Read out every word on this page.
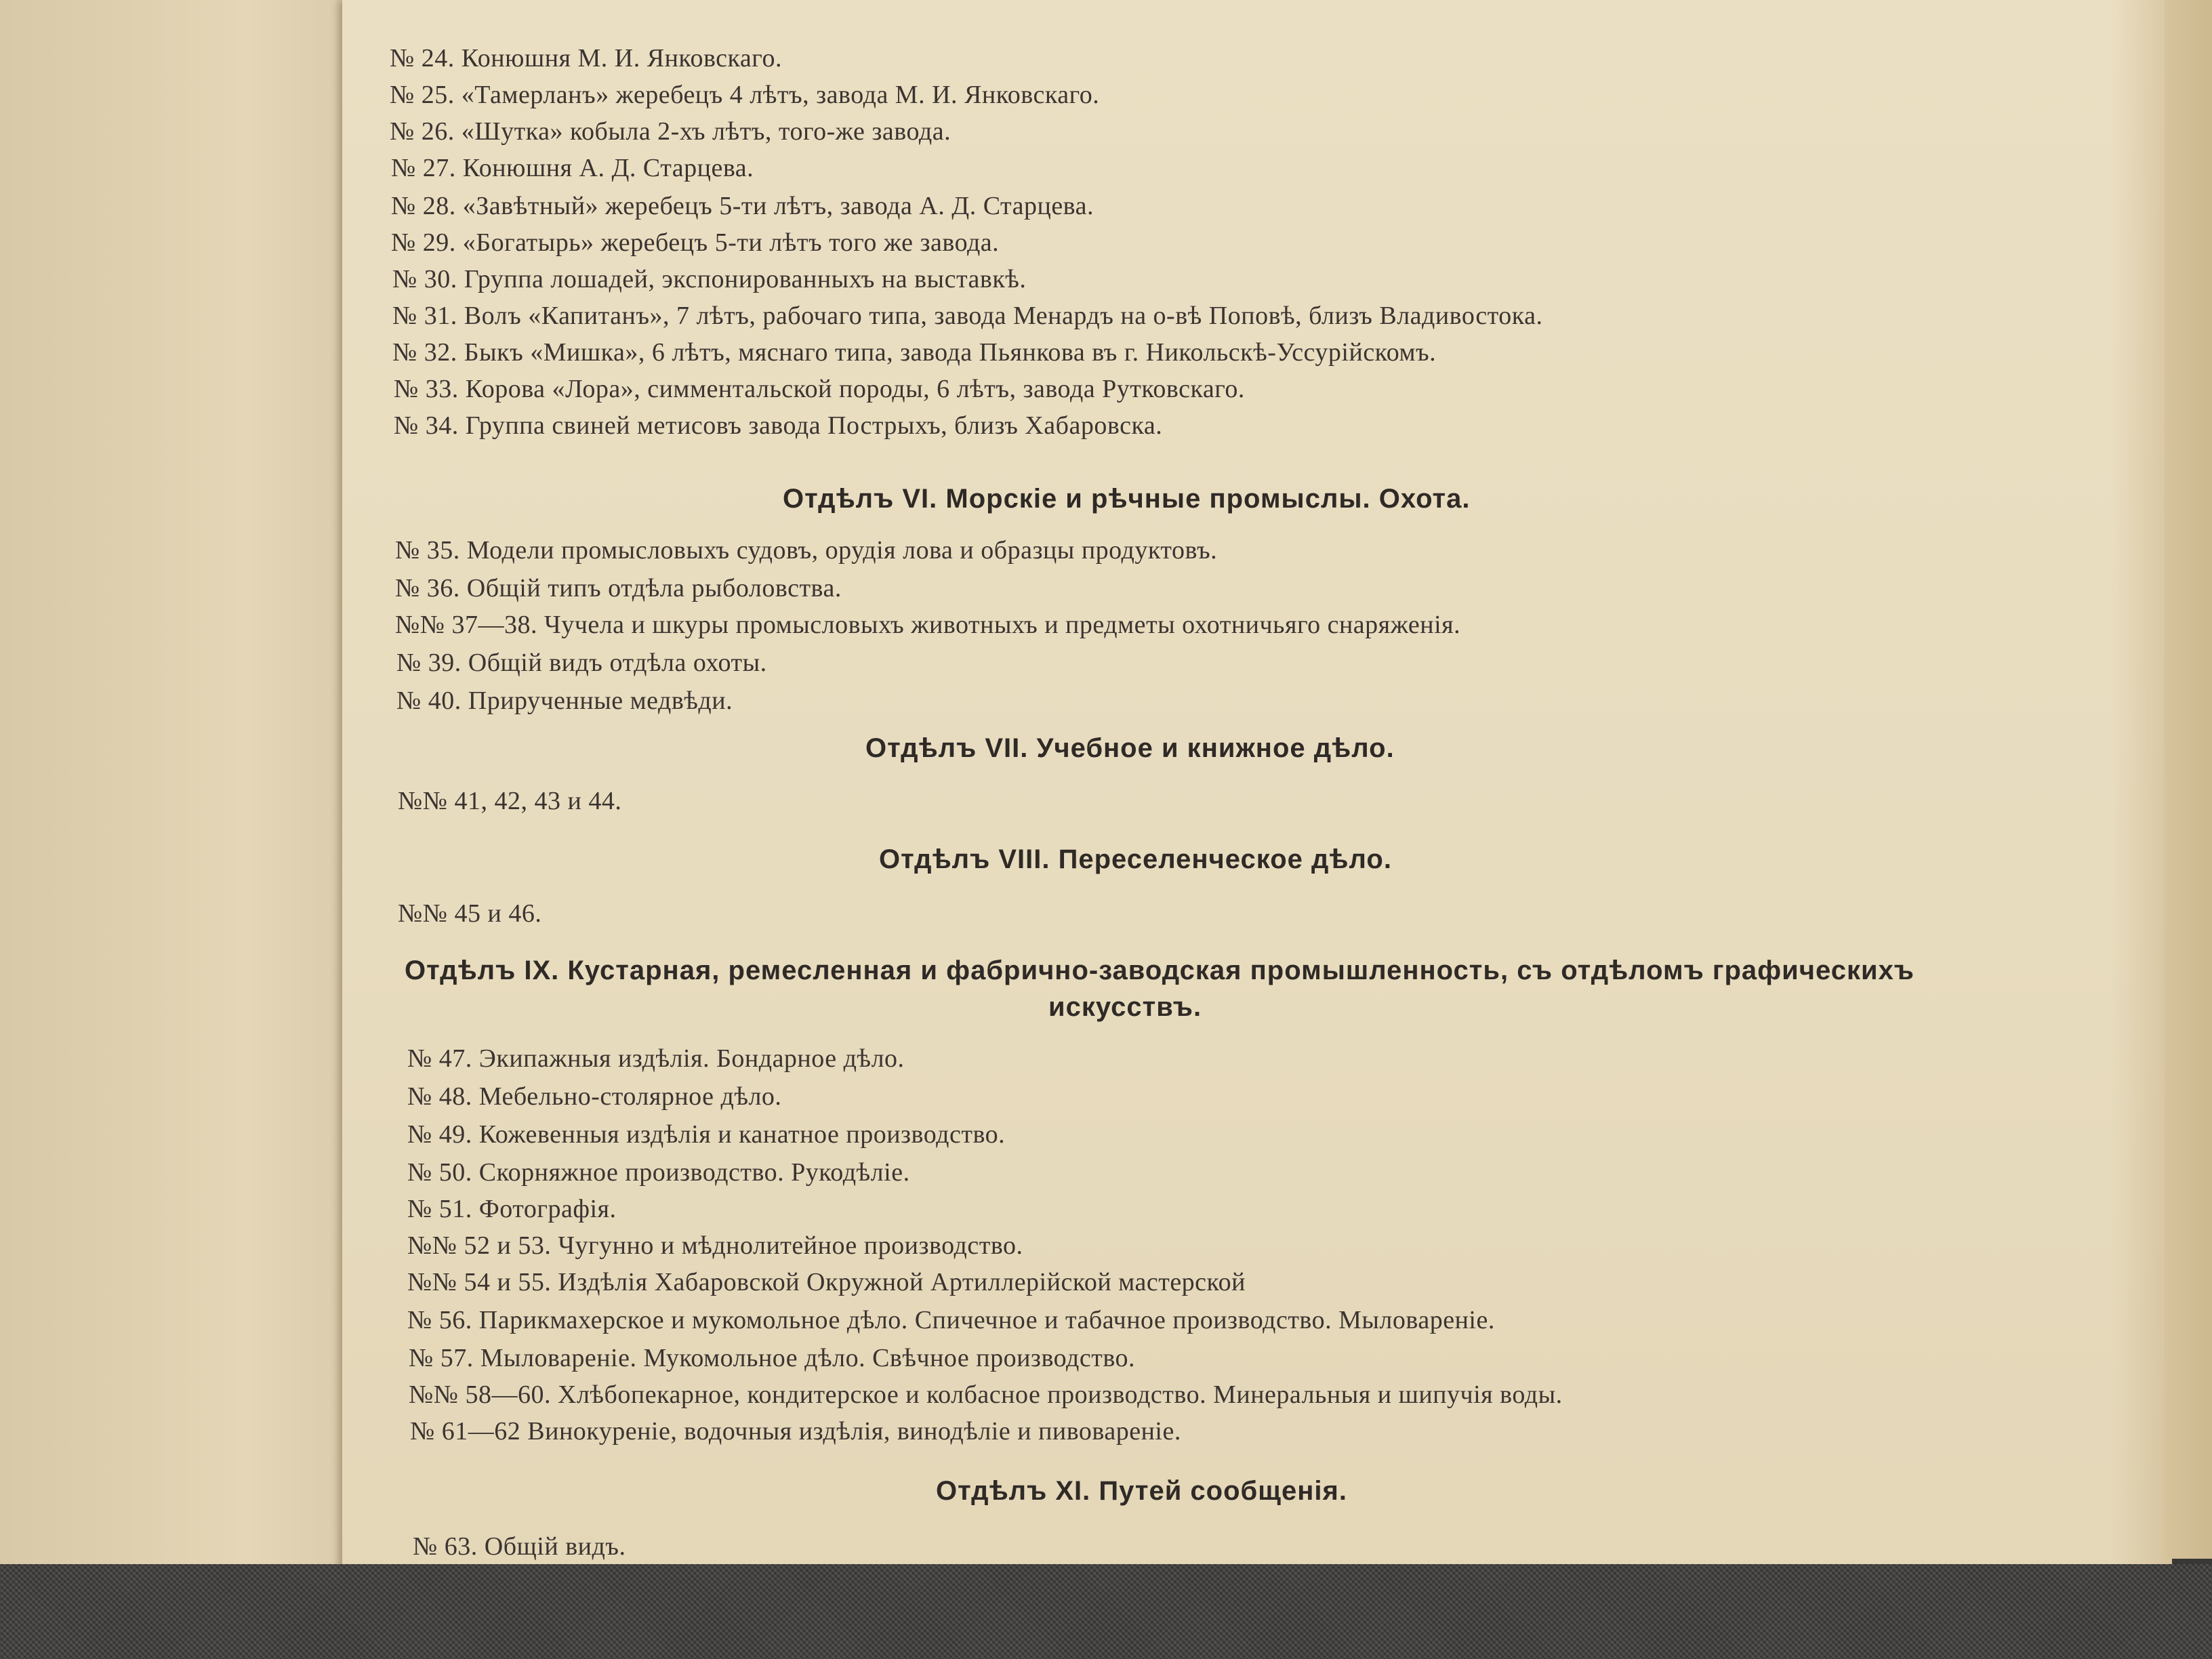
№ 24. Конюшня М. И. Янковскаго.
№ 25. «Тамерланъ» жеребецъ 4 лѣтъ, завода М. И. Янковскаго.
№ 26. «Шутка» кобыла 2-хъ лѣтъ, того-же завода.
№ 27. Конюшня А. Д. Старцева.
№ 28. «Завѣтный» жеребецъ 5-ти лѣтъ, завода А. Д. Старцева.
№ 29. «Богатырь» жеребецъ 5-ти лѣтъ того же завода.
№ 30. Группа лошадей, экспонированныхъ на выставкѣ.
№ 31. Волъ «Капитанъ», 7 лѣтъ, рабочаго типа, завода Менардъ на о-вѣ Поповѣ, близъ Владивостока.
№ 32. Быкъ «Мишка», 6 лѣтъ, мяснаго типа, завода Пьянкова въ г. Никольскѣ-Уссурійскомъ.
№ 33. Корова «Лора», симментальской породы, 6 лѣтъ, завода Рутковскаго.
№ 34. Группа свиней метисовъ завода Пострыхъ, близъ Хабаровска.
Отдѣлъ VI. Морскіе и рѣчные промыслы. Охота.
№ 35. Модели промысловыхъ судовъ, орудія лова и образцы продуктовъ.
№ 36. Общій типъ отдѣла рыболовства.
№№ 37—38. Чучела и шкуры промысловыхъ животныхъ и предметы охотничьяго снаряженія.
№ 39. Общій видъ отдѣла охоты.
№ 40. Прирученные медвѣди.
Отдѣлъ VII. Учебное и книжное дѣло.
№№ 41, 42, 43 и 44.
Отдѣлъ VIII. Переселенческое дѣло.
№№ 45 и 46.
Отдѣлъ IX. Кустарная, ремесленная и фабрично-заводская промышленность, съ отдѣломъ графическихъ
искусствъ.
№ 47. Экипажныя издѣлія. Бондарное дѣло.
№ 48. Мебельно-столярное дѣло.
№ 49. Кожевенныя издѣлія и канатное производство.
№ 50. Скорняжное производство. Рукодѣліе.
№ 51. Фотографія.
№№ 52 и 53. Чугунно и мѣднолитейное производство.
№№ 54 и 55. Издѣлія Хабаровской Окружной Артиллерійской мастерской
№ 56. Парикмахерское и мукомольное дѣло. Спичечное и табачное производство. Мыловареніе.
№ 57. Мыловареніе. Мукомольное дѣло. Свѣчное производство.
№№ 58—60. Хлѣбопекарное, кондитерское и колбасное производство. Минеральныя и шипучія воды.
№ 61—62 Винокуреніе, водочныя издѣлія, винодѣліе и пивовареніе.
Отдѣлъ XI. Путей сообщенія.
№ 63. Общій видъ.
